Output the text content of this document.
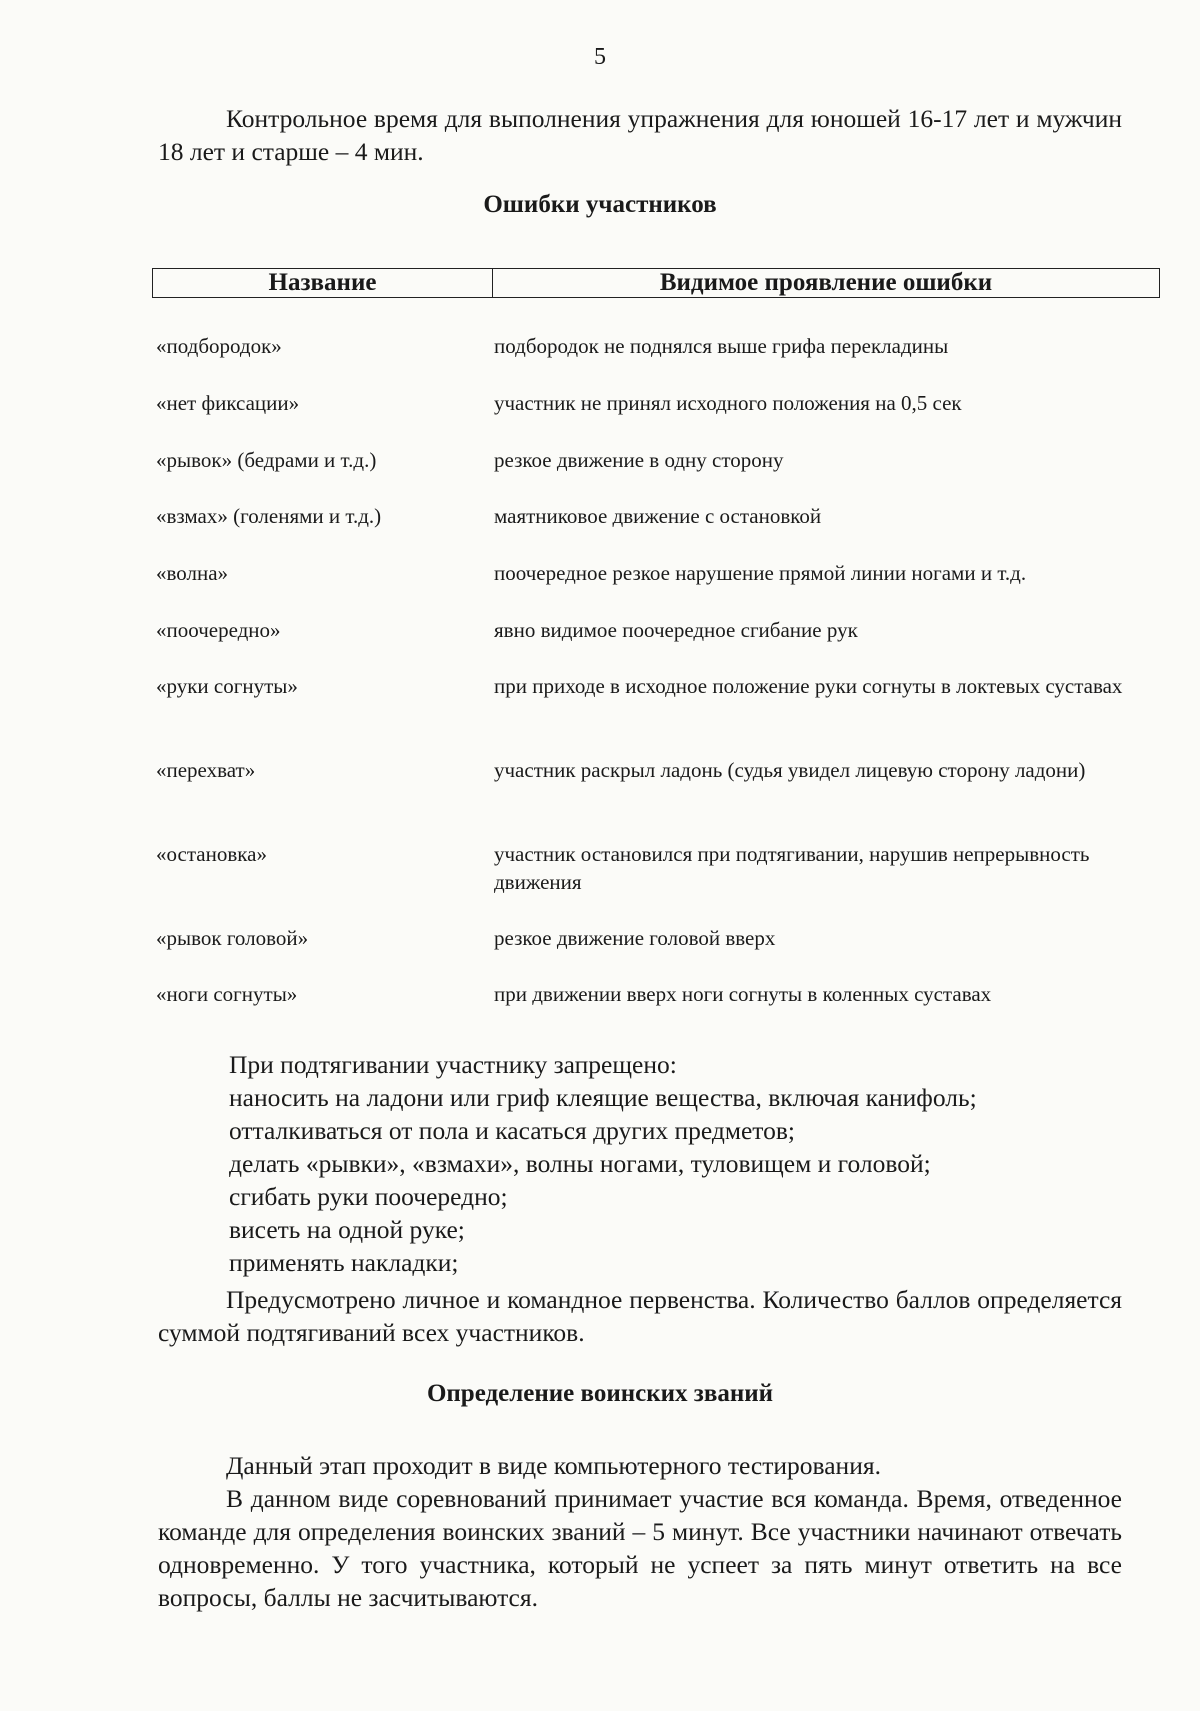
5
Контрольное время для выполнения упражнения для юношей 16-17 лет и мужчин 18 лет и старше – 4 мин.
Ошибки участников
Название	Видимое проявление ошибки
«подбородок»	подбородок не поднялся выше грифа перекладины
«нет фиксации»	участник не принял исходного положения на 0,5 сек
«рывок» (бедрами и т.д.)	резкое движение в одну сторону
«взмах» (голенями и т.д.)	маятниковое движение с остановкой
«волна»	поочередное резкое нарушение прямой линии ногами и т.д.
«поочередно»	явно видимое поочередное сгибание рук
«руки согнуты»	при приходе в исходное положение руки согнуты в локтевых суставах
«перехват»	участник раскрыл ладонь (судья увидел лицевую сторону ладони)
«остановка»	участник остановился при подтягивании, нарушив непрерывность движения
«рывок головой»	резкое движение головой вверх
«ноги согнуты»	при движении вверх ноги согнуты в коленных суставах
При подтягивании участнику запрещено:
наносить на ладони или гриф клеящие вещества, включая канифоль;
отталкиваться от пола и касаться других предметов;
делать «рывки», «взмахи», волны ногами, туловищем и головой;
сгибать руки поочередно;
висеть на одной руке;
применять накладки;
Предусмотрено личное и командное первенства. Количество баллов определяется суммой подтягиваний всех участников.
Определение воинских званий
Данный этап проходит в виде компьютерного тестирования.
В данном виде соревнований принимает участие вся команда. Время, отведенное команде для определения воинских званий – 5 минут. Все участники начинают отвечать одновременно. У того участника, который не успеет за пять минут ответить на все вопросы, баллы не засчитываются.
